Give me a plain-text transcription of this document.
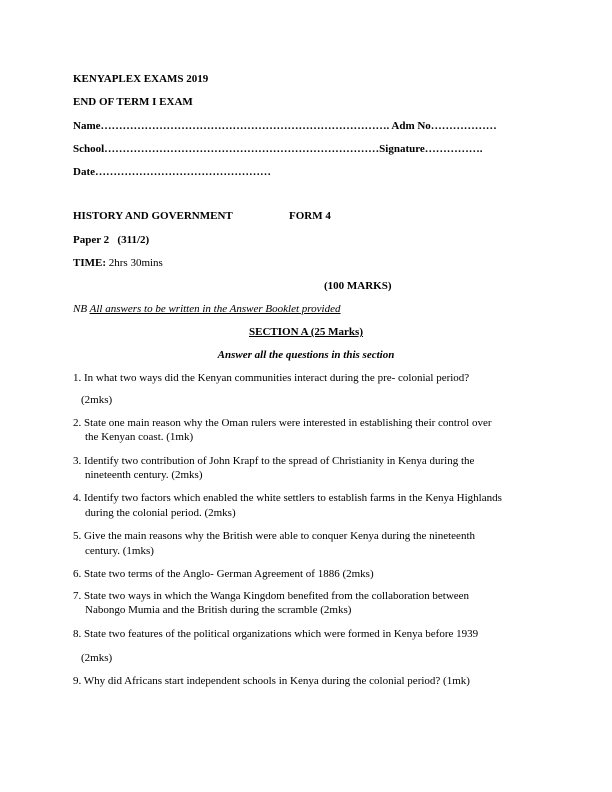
KENYAPLEX EXAMS 2019
END OF TERM I EXAM
Name……………………………………………………………………. Adm No………………
School…………………………………………………………………Signature…………….
Date…………………………………………
HISTORY AND GOVERNMENT	FORM 4
Paper 2 (311/2)
TIME: 2hrs 30mins
(100 MARKS)
NB All answers to be written in the Answer Booklet provided
SECTION A (25 Marks)
Answer all the questions in this section
1. In what two ways did the Kenyan communities interact during the pre- colonial period?
(2mks)
2. State one main reason why the Oman rulers were interested in establishing their control over
the Kenyan coast. (1mk)
3. Identify two contribution of John Krapf to the spread of Christianity in Kenya during the
nineteenth century. (2mks)
4. Identify two factors which enabled the white settlers to establish farms in the Kenya Highlands
during the colonial period. (2mks)
5. Give the main reasons why the British were able to conquer Kenya during the nineteenth
century. (1mks)
6. State two terms of the Anglo- German Agreement of 1886 (2mks)
7. State two ways in which the Wanga Kingdom benefited from the collaboration between
Nabongo Mumia and the British during the scramble (2mks)
8. State two features of the political organizations which were formed in Kenya before 1939
(2mks)
9. Why did Africans start independent schools in Kenya during the colonial period? (1mk)
